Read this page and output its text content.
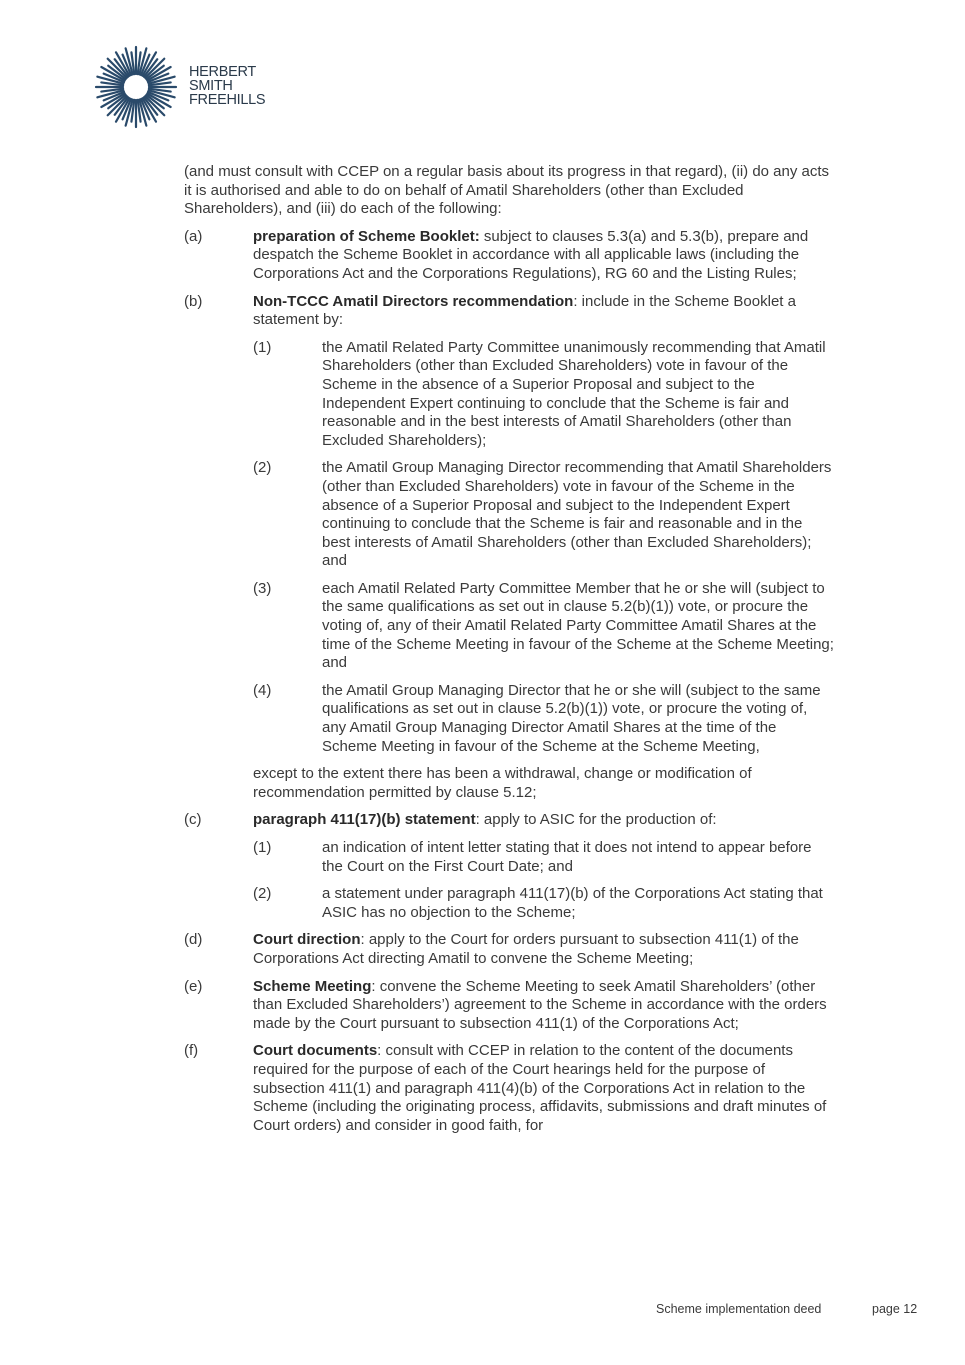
HERBERT
SMITH
FREEHILLS

(and must consult with CCEP on a regular basis about its progress in that regard), (ii) do any acts it is authorised and able to do on behalf of Amatil Shareholders (other than Excluded Shareholders), and (iii) do each of the following:

(a)	preparation of Scheme Booklet: subject to clauses 5.3(a) and 5.3(b), prepare and despatch the Scheme Booklet in accordance with all applicable laws (including the Corporations Act and the Corporations Regulations), RG 60 and the Listing Rules;
(b)	Non-TCCC Amatil Directors recommendation: include in the Scheme Booklet a statement by:
(1)	the Amatil Related Party Committee unanimously recommending that Amatil Shareholders (other than Excluded Shareholders) vote in favour of the Scheme in the absence of a Superior Proposal and subject to the Independent Expert continuing to conclude that the Scheme is fair and reasonable and in the best interests of Amatil Shareholders (other than Excluded Shareholders);
(2)	the Amatil Group Managing Director recommending that Amatil Shareholders (other than Excluded Shareholders) vote in favour of the Scheme in the absence of a Superior Proposal and subject to the Independent Expert continuing to conclude that the Scheme is fair and reasonable and in the best interests of Amatil Shareholders (other than Excluded Shareholders); and
(3)	each Amatil Related Party Committee Member that he or she will (subject to the same qualifications as set out in clause 5.2(b)(1)) vote, or procure the voting of, any of their Amatil Related Party Committee Amatil Shares at the time of the Scheme Meeting in favour of the Scheme at the Scheme Meeting; and
(4)	the Amatil Group Managing Director that he or she will (subject to the same qualifications as set out in clause 5.2(b)(1)) vote, or procure the voting of, any Amatil Group Managing Director Amatil Shares at the time of the Scheme Meeting in favour of the Scheme at the Scheme Meeting,
except to the extent there has been a withdrawal, change or modification of recommendation permitted by clause 5.12;
(c)	paragraph 411(17)(b) statement: apply to ASIC for the production of:
(1)	an indication of intent letter stating that it does not intend to appear before the Court on the First Court Date; and
(2)	a statement under paragraph 411(17)(b) of the Corporations Act stating that ASIC has no objection to the Scheme;
(d)	Court direction: apply to the Court for orders pursuant to subsection 411(1) of the Corporations Act directing Amatil to convene the Scheme Meeting;
(e)	Scheme Meeting: convene the Scheme Meeting to seek Amatil Shareholders’ (other than Excluded Shareholders’) agreement to the Scheme in accordance with the orders made by the Court pursuant to subsection 411(1) of the Corporations Act;
(f)	Court documents: consult with CCEP in relation to the content of the documents required for the purpose of each of the Court hearings held for the purpose of subsection 411(1) and paragraph 411(4)(b) of the Corporations Act in relation to the Scheme (including the originating process, affidavits, submissions and draft minutes of Court orders) and consider in good faith, for
Scheme implementation deed	page 12
